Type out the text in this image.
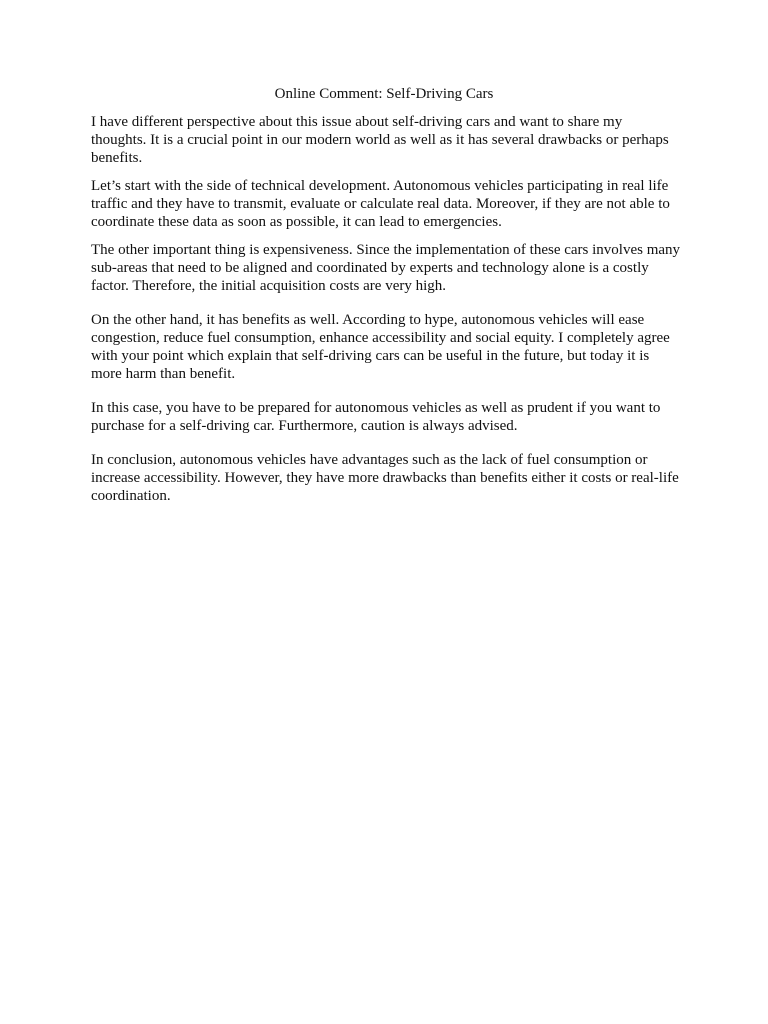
Online Comment: Self-Driving Cars

I have different perspective about this issue about self-driving cars and want to share my thoughts. It is a crucial point in our modern world as well as it has several drawbacks or perhaps benefits.

Let’s start with the side of technical development. Autonomous vehicles participating in real life traffic and they have to transmit, evaluate or calculate real data. Moreover, if they are not able to coordinate these data as soon as possible, it can lead to emergencies.

The other important thing is expensiveness. Since the implementation of these cars involves many sub-areas that need to be aligned and coordinated by experts and technology alone is a costly factor. Therefore, the initial acquisition costs are very high.

On the other hand, it has benefits as well. According to hype, autonomous vehicles will ease congestion, reduce fuel consumption, enhance accessibility and social equity. I completely agree with your point which explain that self-driving cars can be useful in the future, but today it is more harm than benefit.

In this case, you have to be prepared for autonomous vehicles as well as prudent if you want to purchase for a self-driving car. Furthermore, caution is always advised.

In conclusion, autonomous vehicles have advantages such as the lack of fuel consumption or increase accessibility. However, they have more drawbacks than benefits either it costs or real-life coordination.
